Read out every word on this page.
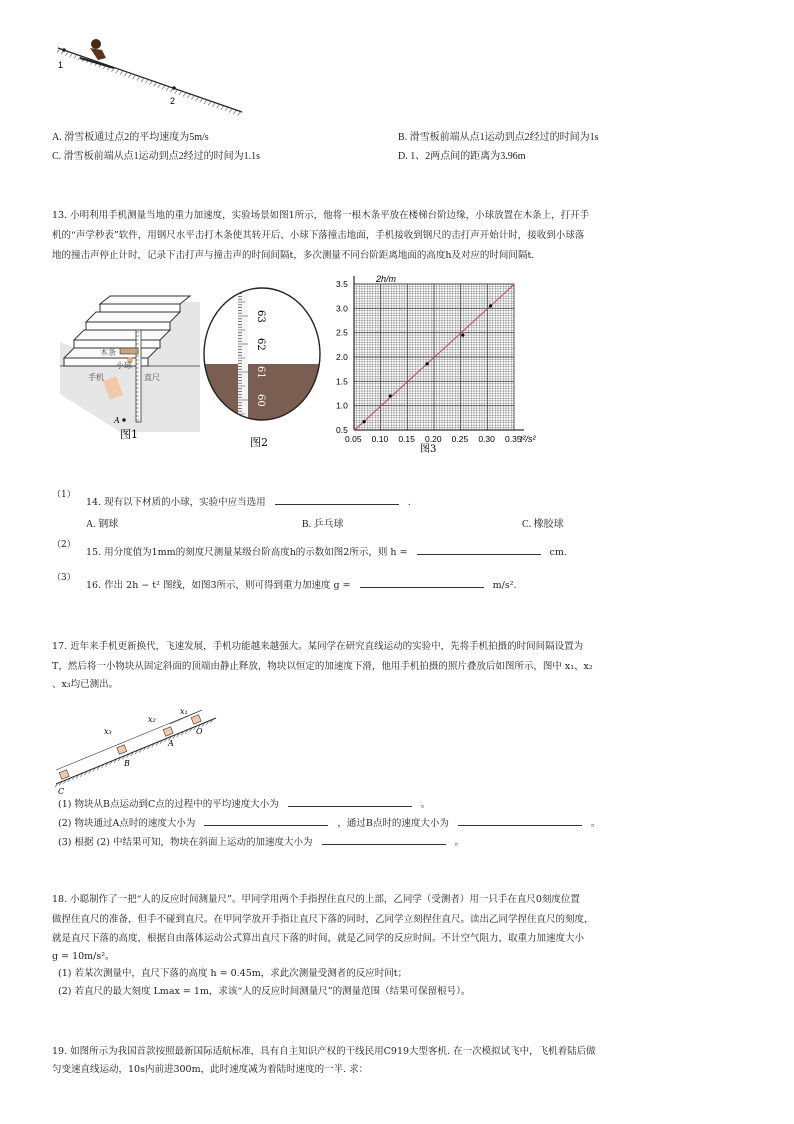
1
2
A. 滑雪板通过点2的平均速度为5m/s	B. 滑雪板前端从点1运动到点2经过的时间为1s
C. 滑雪板前端从点1运动到点2经过的时间为1.1s	D. 1、2两点间的距离为3.96m
13. 小明利用手机测量当地的重力加速度，实验场景如图1所示，他将一根木条平放在楼梯台阶边缘，小球放置在木条上，打开手
机的“声学秒表”软件，用钢尺水平击打木条使其转开后、小球下落撞击地面，手机接收到钢尺的击打声开始计时，接收到小球落
地的撞击声停止计时，记录下击打声与撞击声的时间间隔t，多次测量不同台阶距离地面的高度h及对应的时间间隔t.
木条
小球
手机	直尺
A
图1
63
62
61
60
图2	0.05 0.10 0.15 0.20 0.25 0.30 0.35
3.5
3.0
2.5
2.0
1.5
1.0
0.5
2h/m
t²/s²
图3
（1）
14. 现有以下材质的小球，实验中应当选用	.
A. 钢球	B. 乒乓球	C. 橡胶球
（2）
15. 用分度值为1mm的刻度尺测量某级台阶高度h的示数如图2所示，则 h =	cm.
（3）
16. 作出 2h − t² 图线，如图3所示，则可得到重力加速度 g =	m/s².
17. 近年来手机更新换代，飞速发展，手机功能越来越强大。某同学在研究直线运动的实验中，先将手机拍摄的时间间隔设置为
T，然后将一小物块从固定斜面的顶端由静止释放，物块以恒定的加速度下滑，他用手机拍摄的照片叠放后如图所示，图中 x₁、x₂
、x₃均已测出。
x₃
x₂
x₁
A
O
B
C
(1) 物块从B点运动到C点的过程中的平均速度大小为	。
(2) 物块通过A点时的速度大小为	，通过B点时的速度大小为	。
(3) 根据 (2) 中结果可知，物块在斜面上运动的加速度大小为	。
18. 小聪制作了一把“人的反应时间测量尺”。甲同学用两个手指捏住直尺的上部，乙同学（受测者）用一只手在直尺0刻度位置
做捏住直尺的准备，但手不碰到直尺。在甲同学放开手指让直尺下落的同时，乙同学立刻捏住直尺。读出乙同学捏住直尺的刻度，
就是直尺下落的高度，根据自由落体运动公式算出直尺下落的时间，就是乙同学的反应时间。不计空气阻力，取重力加速度大小
g = 10m/s²。
(1) 若某次测量中，直尺下落的高度 h = 0.45m，求此次测量受测者的反应时间t；
(2) 若直尺的最大刻度 Lmax = 1m，求该“人的反应时间测量尺”的测量范围（结果可保留根号）。
19. 如图所示为我国首款按照最新国际适航标准，具有自主知识产权的干线民用C919大型客机. 在一次模拟试飞中，飞机着陆后做
匀变速直线运动，10s内前进300m，此时速度减为着陆时速度的一半. 求：
